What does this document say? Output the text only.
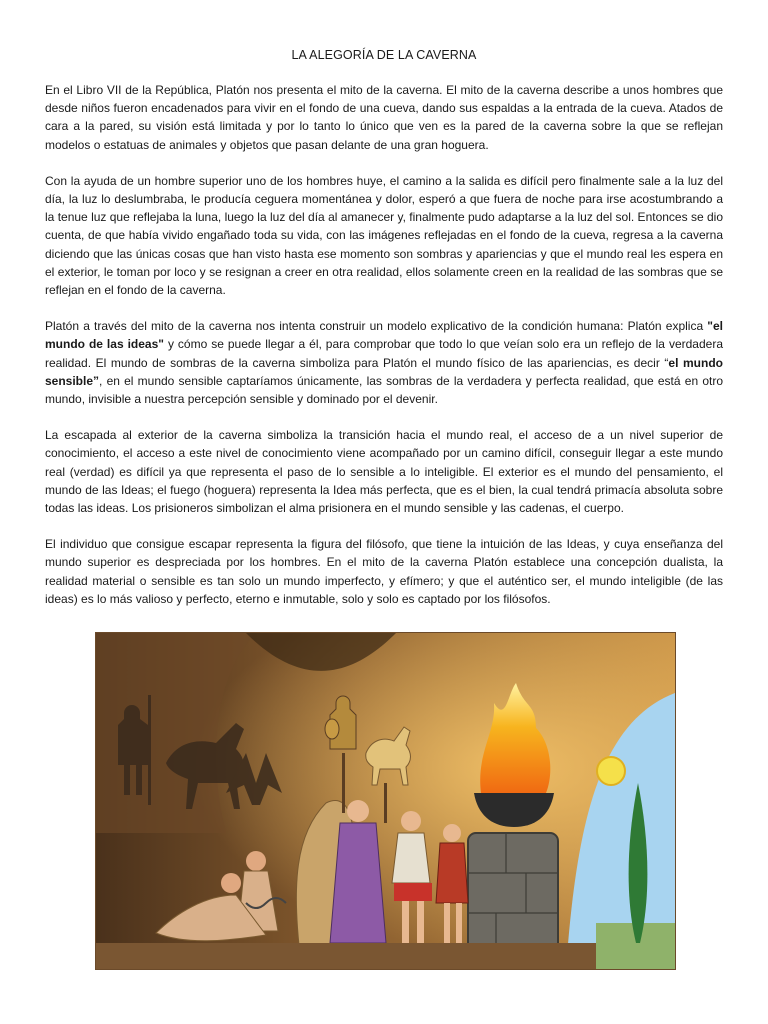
LA ALEGORÍA DE LA CAVERNA

En el Libro VII de la República, Platón nos presenta el mito de la caverna. El mito de la caverna describe a unos hombres que desde niños fueron encadenados para vivir en el fondo de una cueva, dando sus espaldas a la entrada de la cueva. Atados de cara a la pared, su visión está limitada y por lo tanto lo único que ven es la pared de la caverna sobre la que se reflejan modelos o estatuas de animales y objetos que pasan delante de una gran hoguera.

Con la ayuda de un hombre superior uno de los hombres huye, el camino a la salida es difícil pero finalmente sale a la luz del día, la luz lo deslumbraba, le producía ceguera momentánea y dolor, esperó a que fuera de noche para irse acostumbrando a la tenue luz que reflejaba la luna, luego la luz del día al amanecer y, finalmente pudo adaptarse a la luz del sol. Entonces se dio cuenta, de que había vivido engañado toda su vida, con las imágenes reflejadas en el fondo de la cueva, regresa a la caverna diciendo que las únicas cosas que han visto hasta ese momento son sombras y apariencias y que el mundo real les espera en el exterior, le toman por loco y se resignan a creer en otra realidad, ellos solamente creen en la realidad de las sombras que se reflejan en el fondo de la caverna.

Platón a través del mito de la caverna nos intenta construir un modelo explicativo de la condición humana: Platón explica "el mundo de las ideas" y cómo se puede llegar a él, para comprobar que todo lo que veían solo era un reflejo de la verdadera realidad. El mundo de sombras de la caverna simboliza para Platón el mundo físico de las apariencias, es decir “el mundo sensible”, en el mundo sensible captaríamos únicamente, las sombras de la verdadera y perfecta realidad, que está en otro mundo, invisible a nuestra percepción sensible y dominado por el devenir.

La escapada al exterior de la caverna simboliza la transición hacia el mundo real, el acceso de a un nivel superior de conocimiento, el acceso a este nivel de conocimiento viene acompañado por un camino difícil, conseguir llegar a este mundo real (verdad) es difícil ya que representa el paso de lo sensible a lo inteligible. El exterior es el mundo del pensamiento, el mundo de las Ideas; el fuego (hoguera) representa la Idea más perfecta, que es el bien, la cual tendrá primacía absoluta sobre todas las ideas. Los prisioneros simbolizan el alma prisionera en el mundo sensible y las cadenas, el cuerpo.

El individuo que consigue escapar representa la figura del filósofo, que tiene la intuición de las Ideas, y cuya enseñanza del mundo superior es despreciada por los hombres. En el mito de la caverna Platón establece una concepción dualista, la realidad material o sensible es tan solo un mundo imperfecto, y efímero; y que el auténtico ser, el mundo inteligible (de las ideas) es lo más valioso y perfecto, eterno e inmutable, solo y solo es captado por los filósofos.
